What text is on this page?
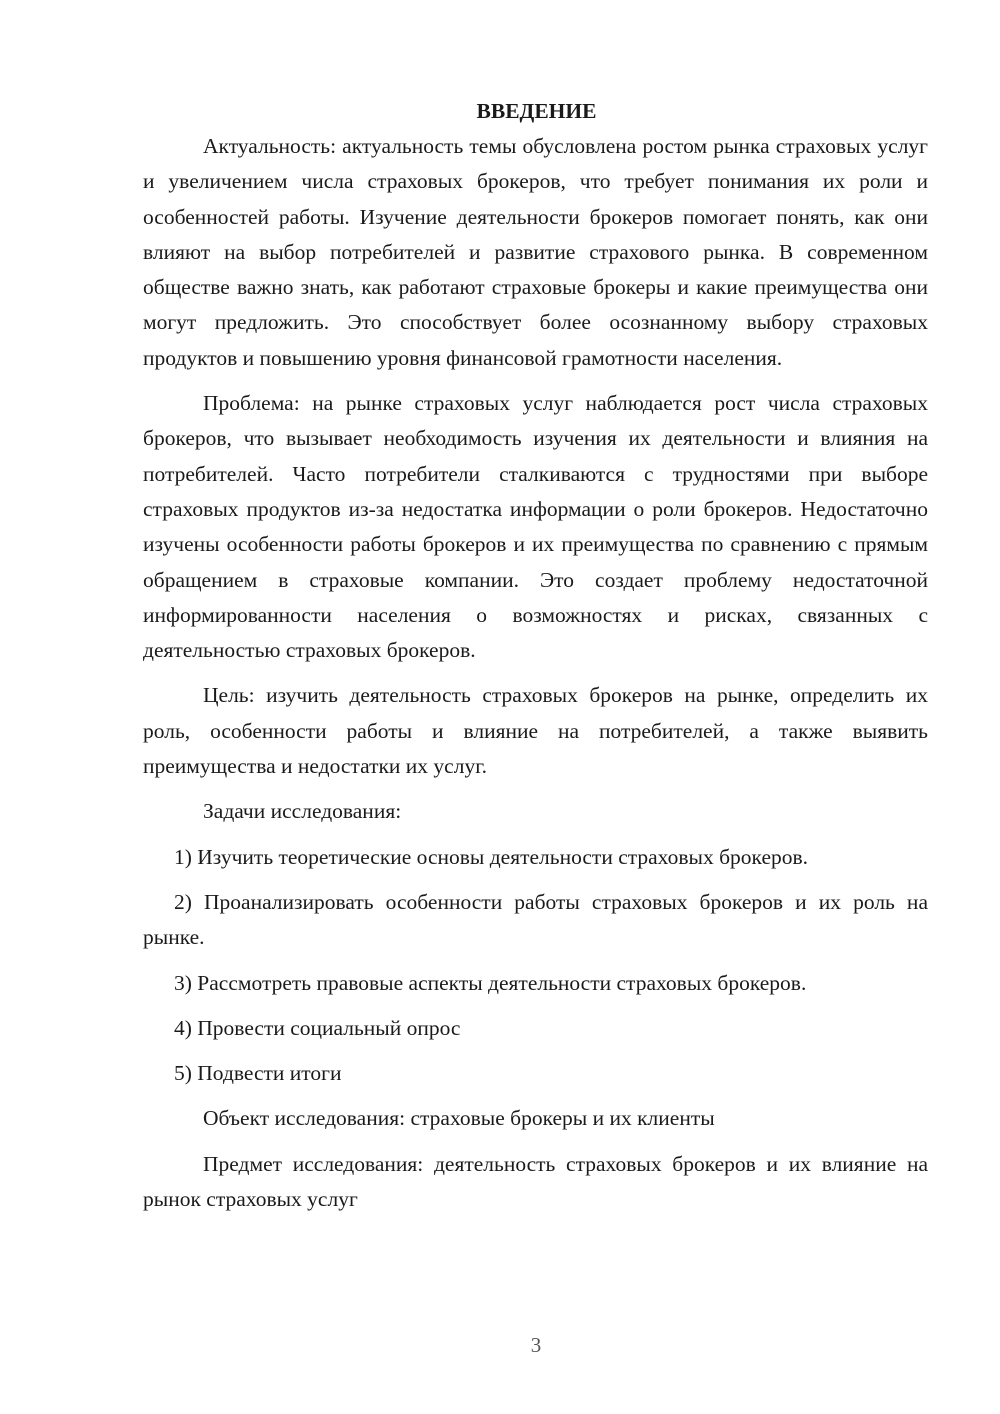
ВВЕДЕНИЕ

Актуальность: актуальность темы обусловлена ростом рынка страховых услуг и увеличением числа страховых брокеров, что требует понимания их роли и особенностей работы. Изучение деятельности брокеров помогает понять, как они влияют на выбор потребителей и развитие страхового рынка. В современном обществе важно знать, как работают страховые брокеры и какие преимущества они могут предложить. Это способствует более осознанному выбору страховых продуктов и повышению уровня финансовой грамотности населения.

Проблема: на рынке страховых услуг наблюдается рост числа страховых брокеров, что вызывает необходимость изучения их деятельности и влияния на потребителей. Часто потребители сталкиваются с трудностями при выборе страховых продуктов из-за недостатка информации о роли брокеров. Недостаточно изучены особенности работы брокеров и их преимущества по сравнению с прямым обращением в страховые компании. Это создает проблему недостаточной информированности населения о возможностях и рисках, связанных с деятельностью страховых брокеров.

Цель: изучить деятельность страховых брокеров на рынке, определить их роль, особенности работы и влияние на потребителей, а также выявить преимущества и недостатки их услуг.

Задачи исследования:

1) Изучить теоретические основы деятельности страховых брокеров.

2) Проанализировать особенности работы страховых брокеров и их роль на рынке.

3) Рассмотреть правовые аспекты деятельности страховых брокеров.

4) Провести социальный опрос

5) Подвести итоги

Объект исследования: страховые брокеры и их клиенты

Предмет исследования: деятельность страховых брокеров и их влияние на рынок страховых услуг

3
